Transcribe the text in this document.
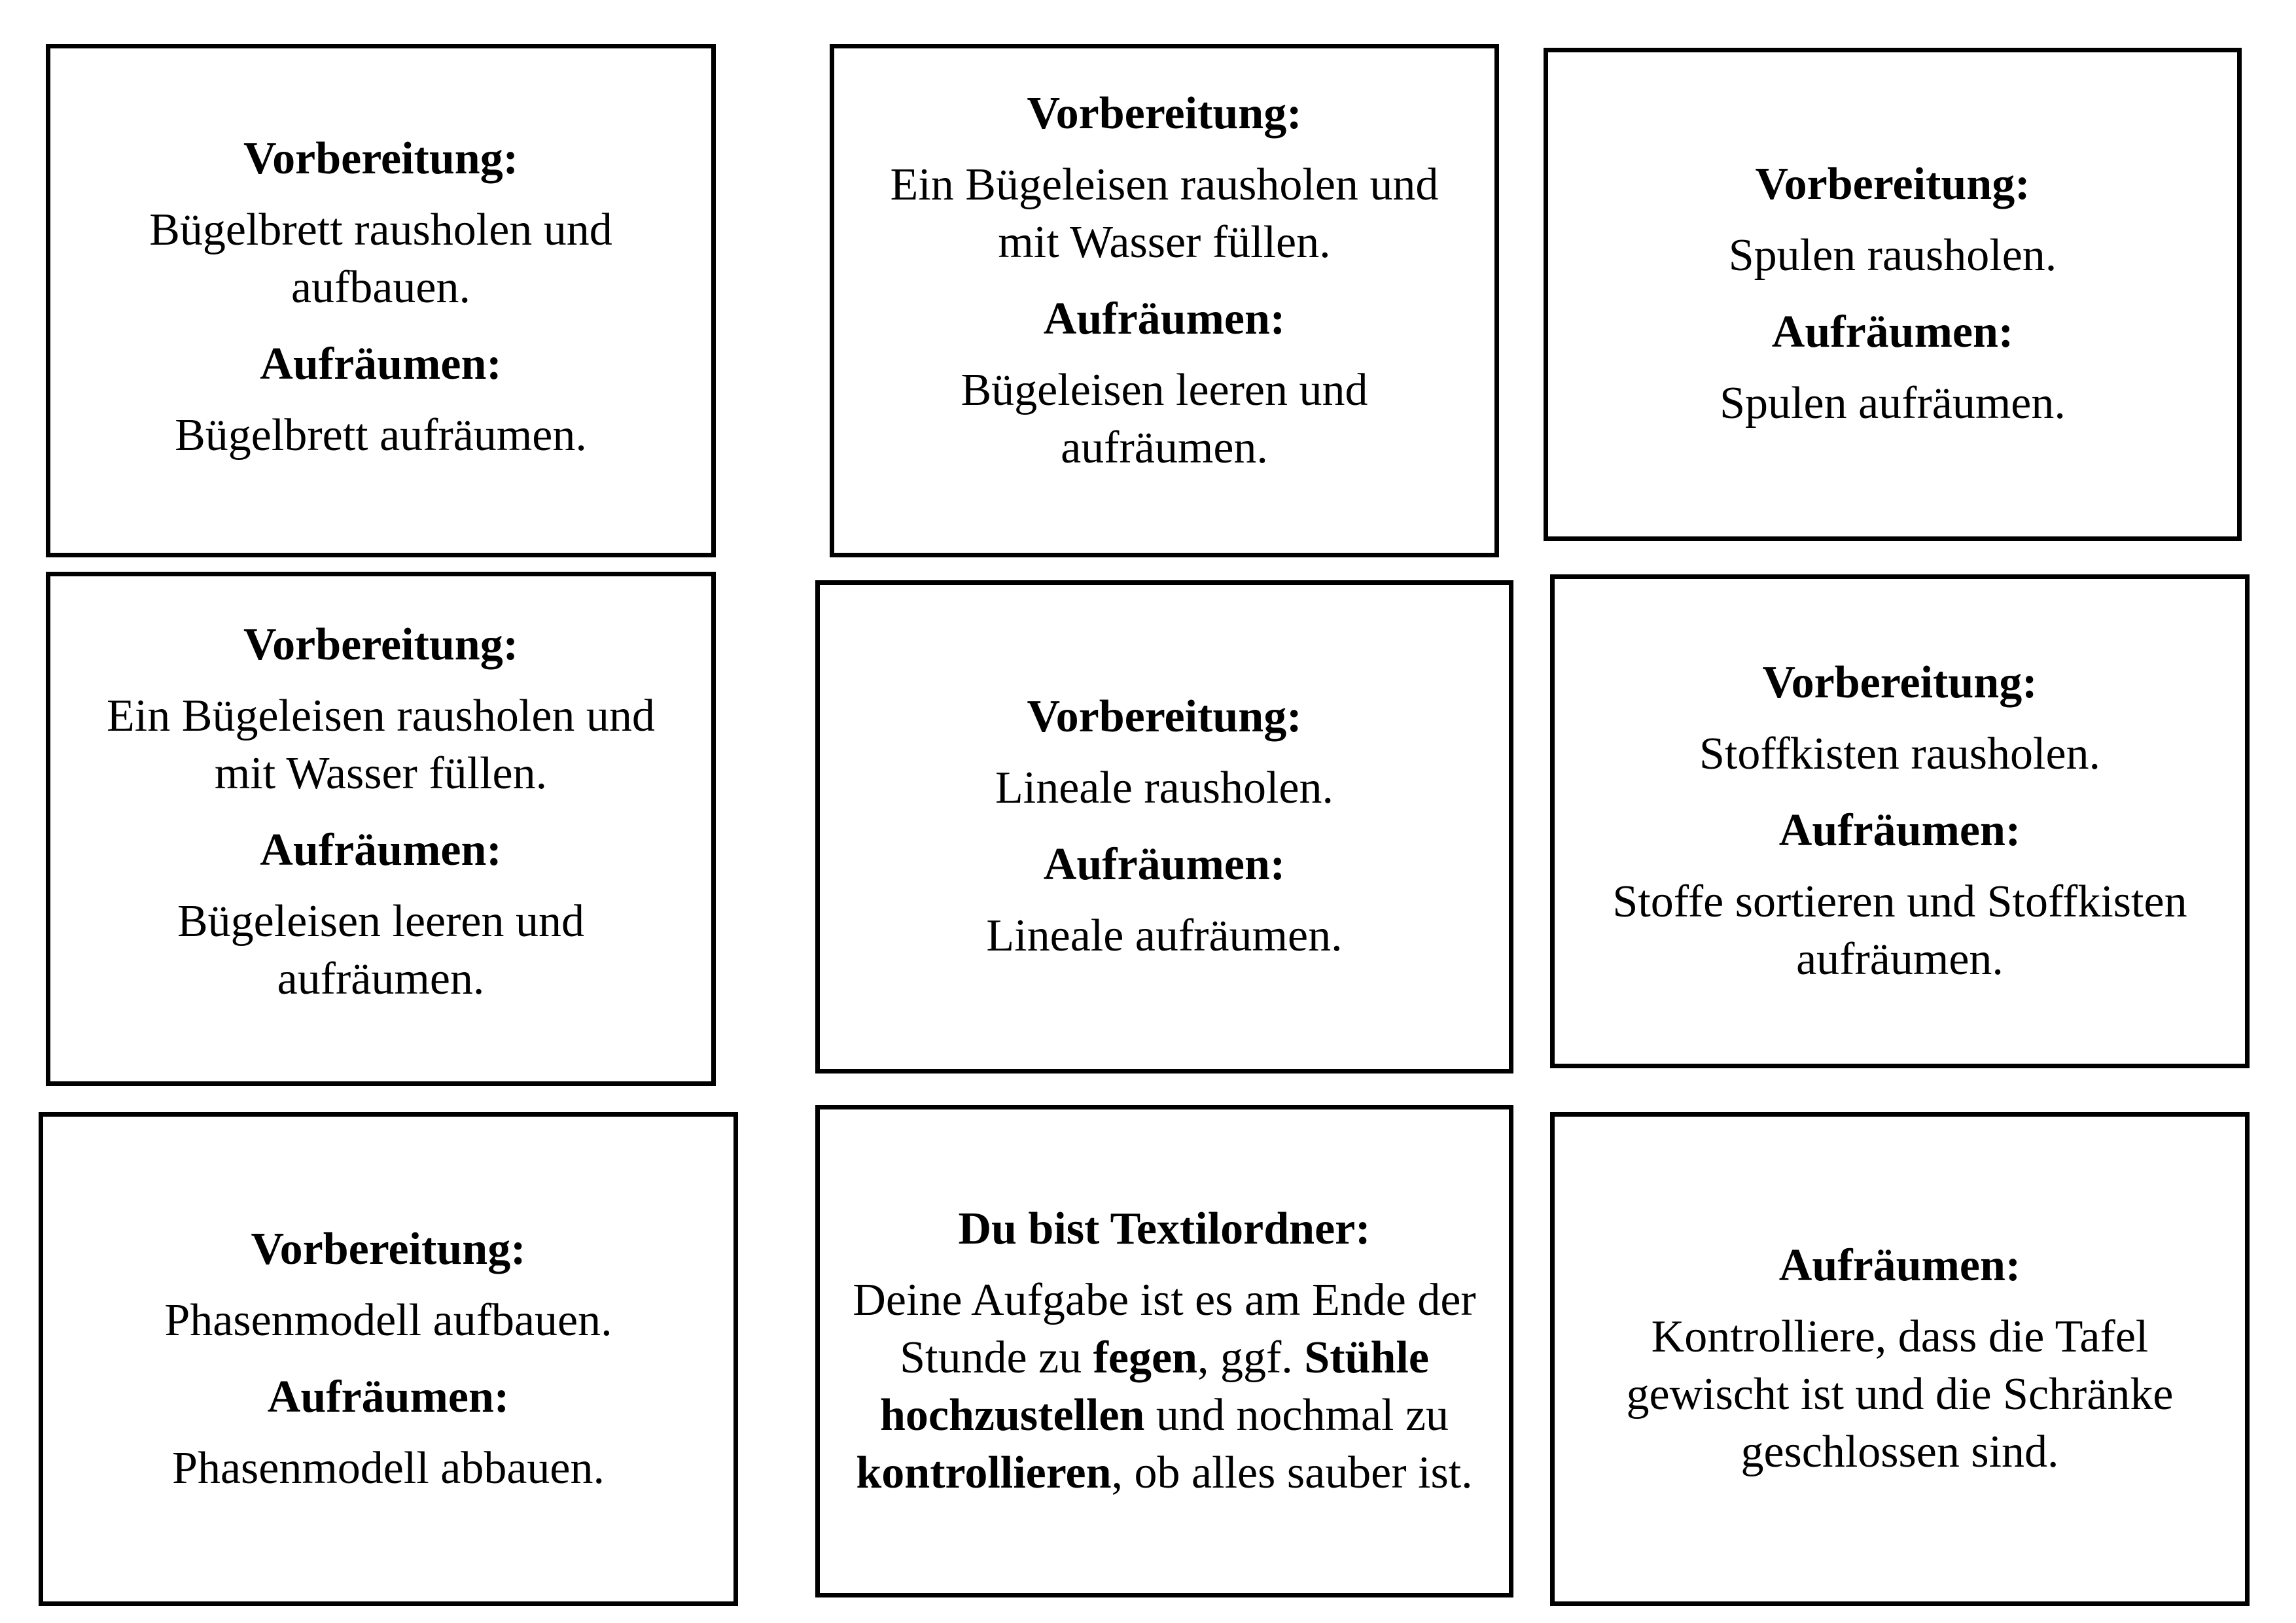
Vorbereitung:

Bügelbrett rausholen und aufbauen.

Aufräumen:

Bügelbrett aufräumen.

Vorbereitung:

Ein Bügeleisen rausholen und mit Wasser füllen.

Aufräumen:

Bügeleisen leeren und aufräumen.

Vorbereitung:

Spulen rausholen.

Aufräumen:

Spulen aufräumen.

Vorbereitung:

Ein Bügeleisen rausholen und mit Wasser füllen.

Aufräumen:

Bügeleisen leeren und aufräumen.

Vorbereitung:

Lineale rausholen.

Aufräumen:

Lineale aufräumen.

Vorbereitung:

Stoffkisten rausholen.

Aufräumen:

Stoffe sortieren und Stoffkisten aufräumen.

Vorbereitung:

Phasenmodell aufbauen.

Aufräumen:

Phasenmodell abbauen.

Du bist Textilordner:

Deine Aufgabe ist es am Ende der Stunde zu fegen, ggf. Stühle hochzustellen und nochmal zu kontrollieren, ob alles sauber ist.

Aufräumen:

Kontrolliere, dass die Tafel gewischt ist und die Schränke geschlossen sind.
